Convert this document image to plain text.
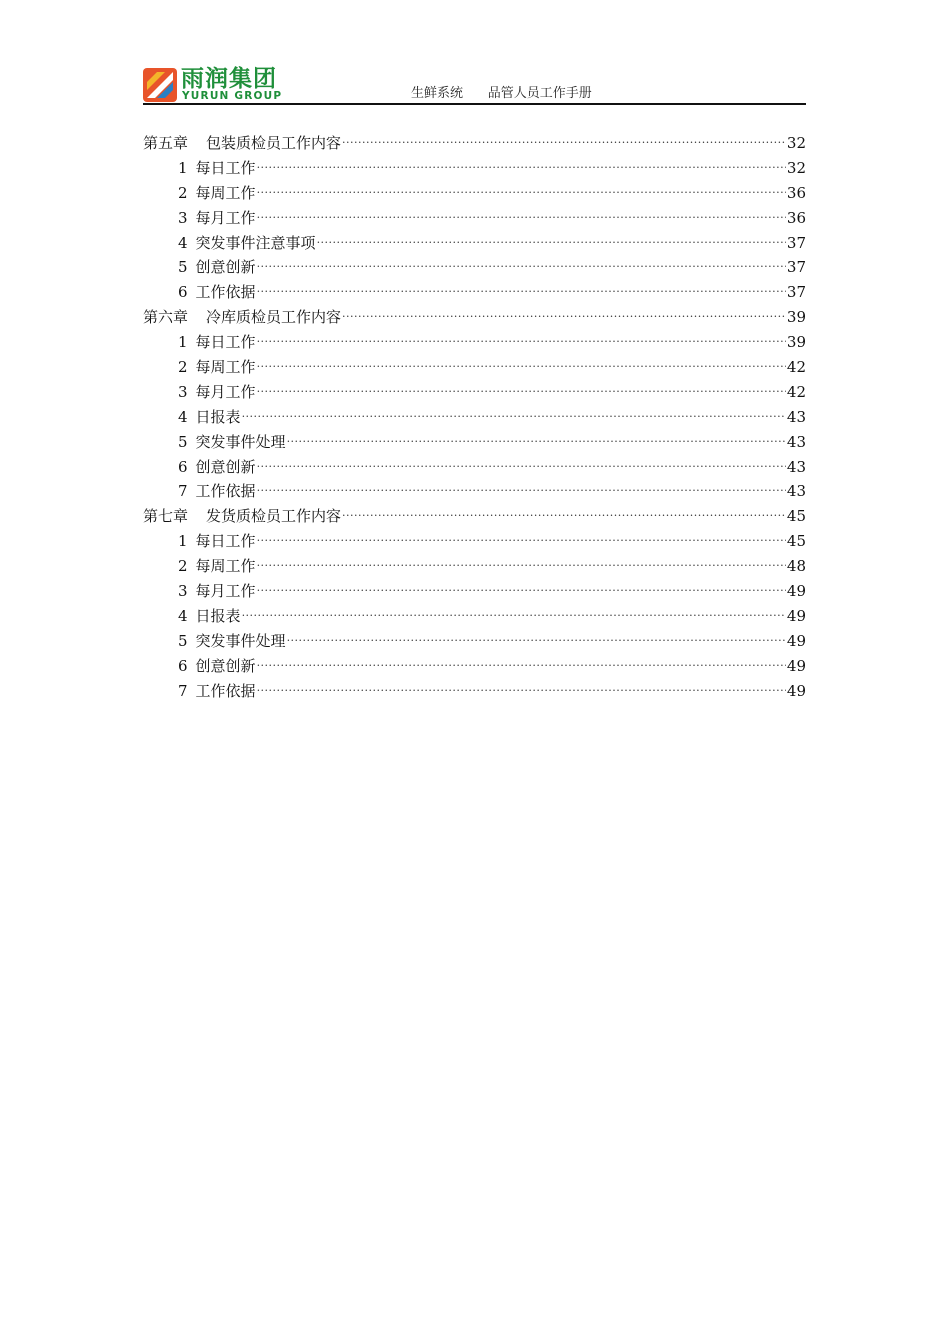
雨润集团
YURUN GROUP	生鲜系统      品管人员工作手册
第五章 包装质检员工作内容 .....	32
1 每日工作 .....	32
2 每周工作 .....	36
3 每月工作 .....	36
4 突发事件注意事项 .....	37
5 创意创新 .....	37
6 工作依据 .....	37
第六章 冷库质检员工作内容 .....	39
1 每日工作 .....	39
2 每周工作 .....	42
3 每月工作 .....	42
4 日报表 .....	43
5 突发事件处理 .....	43
6 创意创新 .....	43
7 工作依据 .....	43
第七章 发货质检员工作内容 .....	45
1 每日工作 .....	45
2 每周工作 .....	48
3 每月工作 .....	49
4 日报表 .....	49
5 突发事件处理 .....	49
6 创意创新 .....	49
7 工作依据 .....	49
